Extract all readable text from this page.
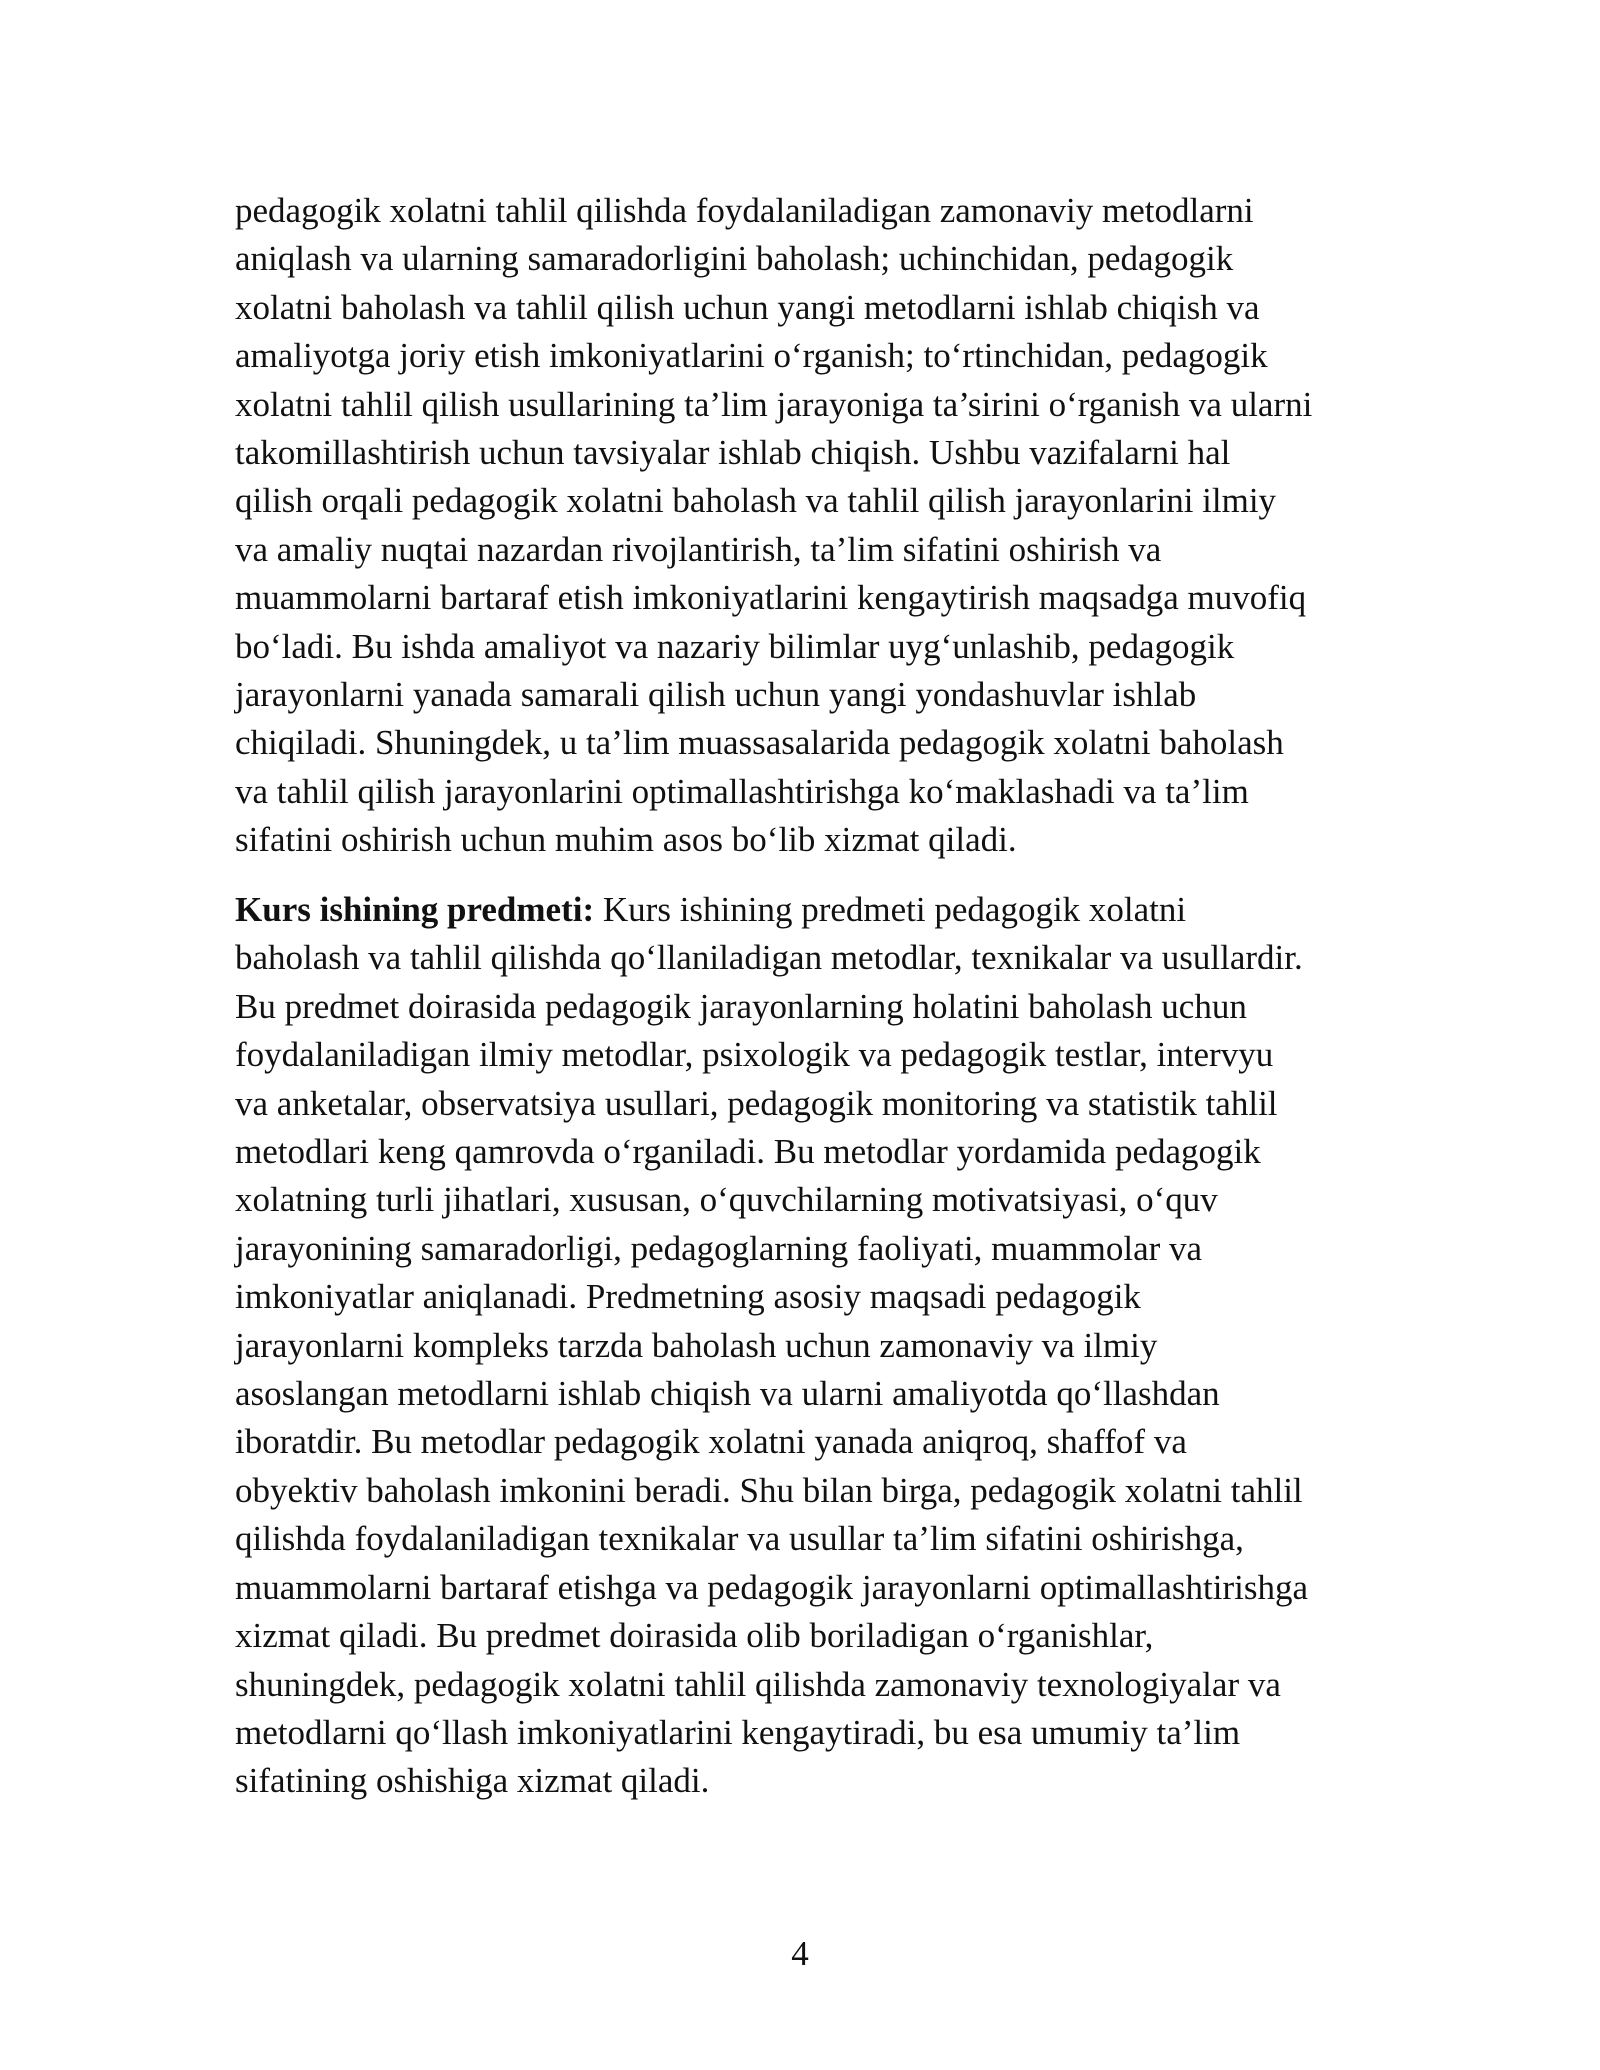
pedagogik xolatni tahlil qilishda foydalaniladigan zamonaviy metodlarni
aniqlash va ularning samaradorligini baholash; uchinchidan, pedagogik
xolatni baholash va tahlil qilish uchun yangi metodlarni ishlab chiqish va
amaliyotga joriy etish imkoniyatlarini o‘rganish; to‘rtinchidan, pedagogik
xolatni tahlil qilish usullarining ta’lim jarayoniga ta’sirini o‘rganish va ularni
takomillashtirish uchun tavsiyalar ishlab chiqish. Ushbu vazifalarni hal
qilish orqali pedagogik xolatni baholash va tahlil qilish jarayonlarini ilmiy
va amaliy nuqtai nazardan rivojlantirish, ta’lim sifatini oshirish va
muammolarni bartaraf etish imkoniyatlarini kengaytirish maqsadga muvofiq
bo‘ladi. Bu ishda amaliyot va nazariy bilimlar uyg‘unlashib, pedagogik
jarayonlarni yanada samarali qilish uchun yangi yondashuvlar ishlab
chiqiladi. Shuningdek, u ta’lim muassasalarida pedagogik xolatni baholash
va tahlil qilish jarayonlarini optimallashtirishga ko‘maklashadi va ta’lim
sifatini oshirish uchun muhim asos bo‘lib xizmat qiladi.
Kurs ishining predmeti: Kurs ishining predmeti pedagogik xolatni
baholash va tahlil qilishda qo‘llaniladigan metodlar, texnikalar va usullardir.
Bu predmet doirasida pedagogik jarayonlarning holatini baholash uchun
foydalaniladigan ilmiy metodlar, psixologik va pedagogik testlar, intervyu
va anketalar, observatsiya usullari, pedagogik monitoring va statistik tahlil
metodlari keng qamrovda o‘rganiladi. Bu metodlar yordamida pedagogik
xolatning turli jihatlari, xususan, o‘quvchilarning motivatsiyasi, o‘quv
jarayonining samaradorligi, pedagoglarning faoliyati, muammolar va
imkoniyatlar aniqlanadi. Predmetning asosiy maqsadi pedagogik
jarayonlarni kompleks tarzda baholash uchun zamonaviy va ilmiy
asoslangan metodlarni ishlab chiqish va ularni amaliyotda qo‘llashdan
iboratdir. Bu metodlar pedagogik xolatni yanada aniqroq, shaffof va
obyektiv baholash imkonini beradi. Shu bilan birga, pedagogik xolatni tahlil
qilishda foydalaniladigan texnikalar va usullar ta’lim sifatini oshirishga,
muammolarni bartaraf etishga va pedagogik jarayonlarni optimallashtirishga
xizmat qiladi. Bu predmet doirasida olib boriladigan o‘rganishlar,
shuningdek, pedagogik xolatni tahlil qilishda zamonaviy texnologiyalar va
metodlarni qo‘llash imkoniyatlarini kengaytiradi, bu esa umumiy ta’lim
sifatining oshishiga xizmat qiladi.
4
